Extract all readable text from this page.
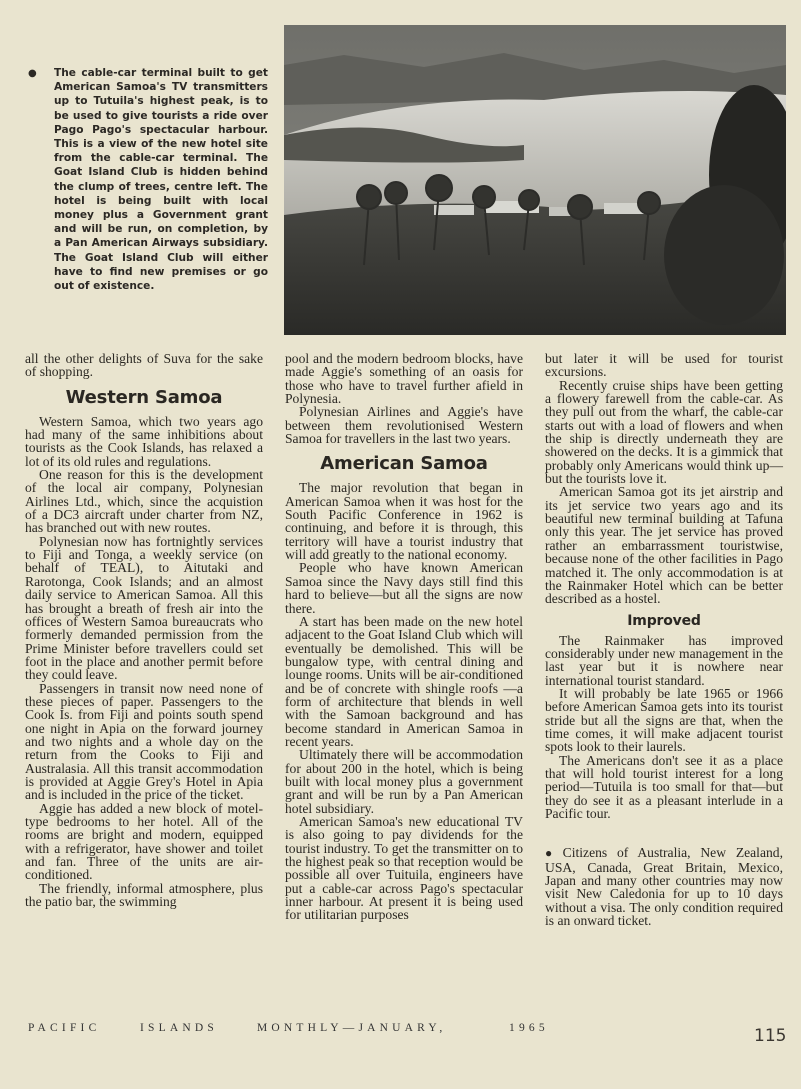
● The cable-car terminal built to get American Samoa's TV transmitters up to Tutuila's highest peak, is to be used to give tourists a ride over Pago Pago's spectacular harbour. This is a view of the new hotel site from the cable-car terminal. The Goat Island Club is hidden behind the clump of trees, centre left. The hotel is being built with local money plus a Government grant and will be run, on completion, by a Pan American Airways subsidiary. The Goat Island Club will either have to find new premises or go out of existence.

all the other delights of Suva for the sake of shopping.

Western Samoa

Western Samoa, which two years ago had many of the same inhibitions about tourists as the Cook Islands, has relaxed a lot of its old rules and regulations.

One reason for this is the development of the local air company, Polynesian Airlines Ltd., which, since the acquistion of a DC3 aircraft under charter from NZ, has branched out with new routes.

Polynesian now has fortnightly services to Fiji and Tonga, a weekly service (on behalf of TEAL), to Aitutaki and Rarotonga, Cook Islands; and an almost daily service to American Samoa. All this has brought a breath of fresh air into the offices of Western Samoa bureaucrats who formerly demanded permission from the Prime Minister before travellers could set foot in the place and another permit before they could leave.

Passengers in transit now need none of these pieces of paper. Passengers to the Cook Is. from Fiji and points south spend one night in Apia on the forward journey and two nights and a whole day on the return from the Cooks to Fiji and Australasia. All this transit accommodation is provided at Aggie Grey's Hotel in Apia and is included in the price of the ticket.

Aggie has added a new block of motel-type bedrooms to her hotel. All of the rooms are bright and modern, equipped with a refrigerator, have shower and toilet and fan. Three of the units are air-conditioned.

The friendly, informal atmosphere, plus the patio bar, the swimming

pool and the modern bedroom blocks, have made Aggie's something of an oasis for those who have to travel further afield in Polynesia.

Polynesian Airlines and Aggie's have between them revolutionised Western Samoa for travellers in the last two years.

American Samoa

The major revolution that began in American Samoa when it was host for the South Pacific Conference in 1962 is continuing, and before it is through, this territory will have a tourist industry that will add greatly to the national economy.

People who have known American Samoa since the Navy days still find this hard to believe—but all the signs are now there.

A start has been made on the new hotel adjacent to the Goat Island Club which will eventually be demolished. This will be bungalow type, with central dining and lounge rooms. Units will be air-conditioned and be of concrete with shingle roofs —a form of architecture that blends in well with the Samoan background and has become standard in American Samoa in recent years.

Ultimately there will be accommodation for about 200 in the hotel, which is being built with local money plus a government grant and will be run by a Pan American hotel subsidiary.

American Samoa's new educational TV is also going to pay dividends for the tourist industry. To get the transmitter on to the highest peak so that reception would be possible all over Tuituila, engineers have put a cable-car across Pago's spectacular inner harbour. At present it is being used for utilitarian purposes

but later it will be used for tourist excursions.

Recently cruise ships have been getting a flowery farewell from the cable-car. As they pull out from the wharf, the cable-car starts out with a load of flowers and when the ship is directly underneath they are showered on the decks. It is a gimmick that probably only Americans would think up—but the tourists love it.

American Samoa got its jet airstrip and its jet service two years ago and its beautiful new terminal building at Tafuna only this year. The jet service has proved rather an embarrassment touristwise, because none of the other facilities in Pago matched it. The only accommodation is at the Rainmaker Hotel which can be better described as a hostel.

Improved

The Rainmaker has improved considerably under new management in the last year but it is nowhere near international tourist standard.

It will probably be late 1965 or 1966 before American Samoa gets into its tourist stride but all the signs are that, when the time comes, it will make adjacent tourist spots look to their laurels.

The Americans don't see it as a place that will hold tourist interest for a long period—Tutuila is too small for that—but they do see it as a pleasant interlude in a Pacific tour.

● Citizens of Australia, New Zealand, USA, Canada, Great Britain, Mexico, Japan and many other countries may now visit New Caledonia for up to 10 days without a visa. The only condition required is an onward ticket.

PACIFIC	ISLANDS	MONTHLY—JANUARY,	1965	115
